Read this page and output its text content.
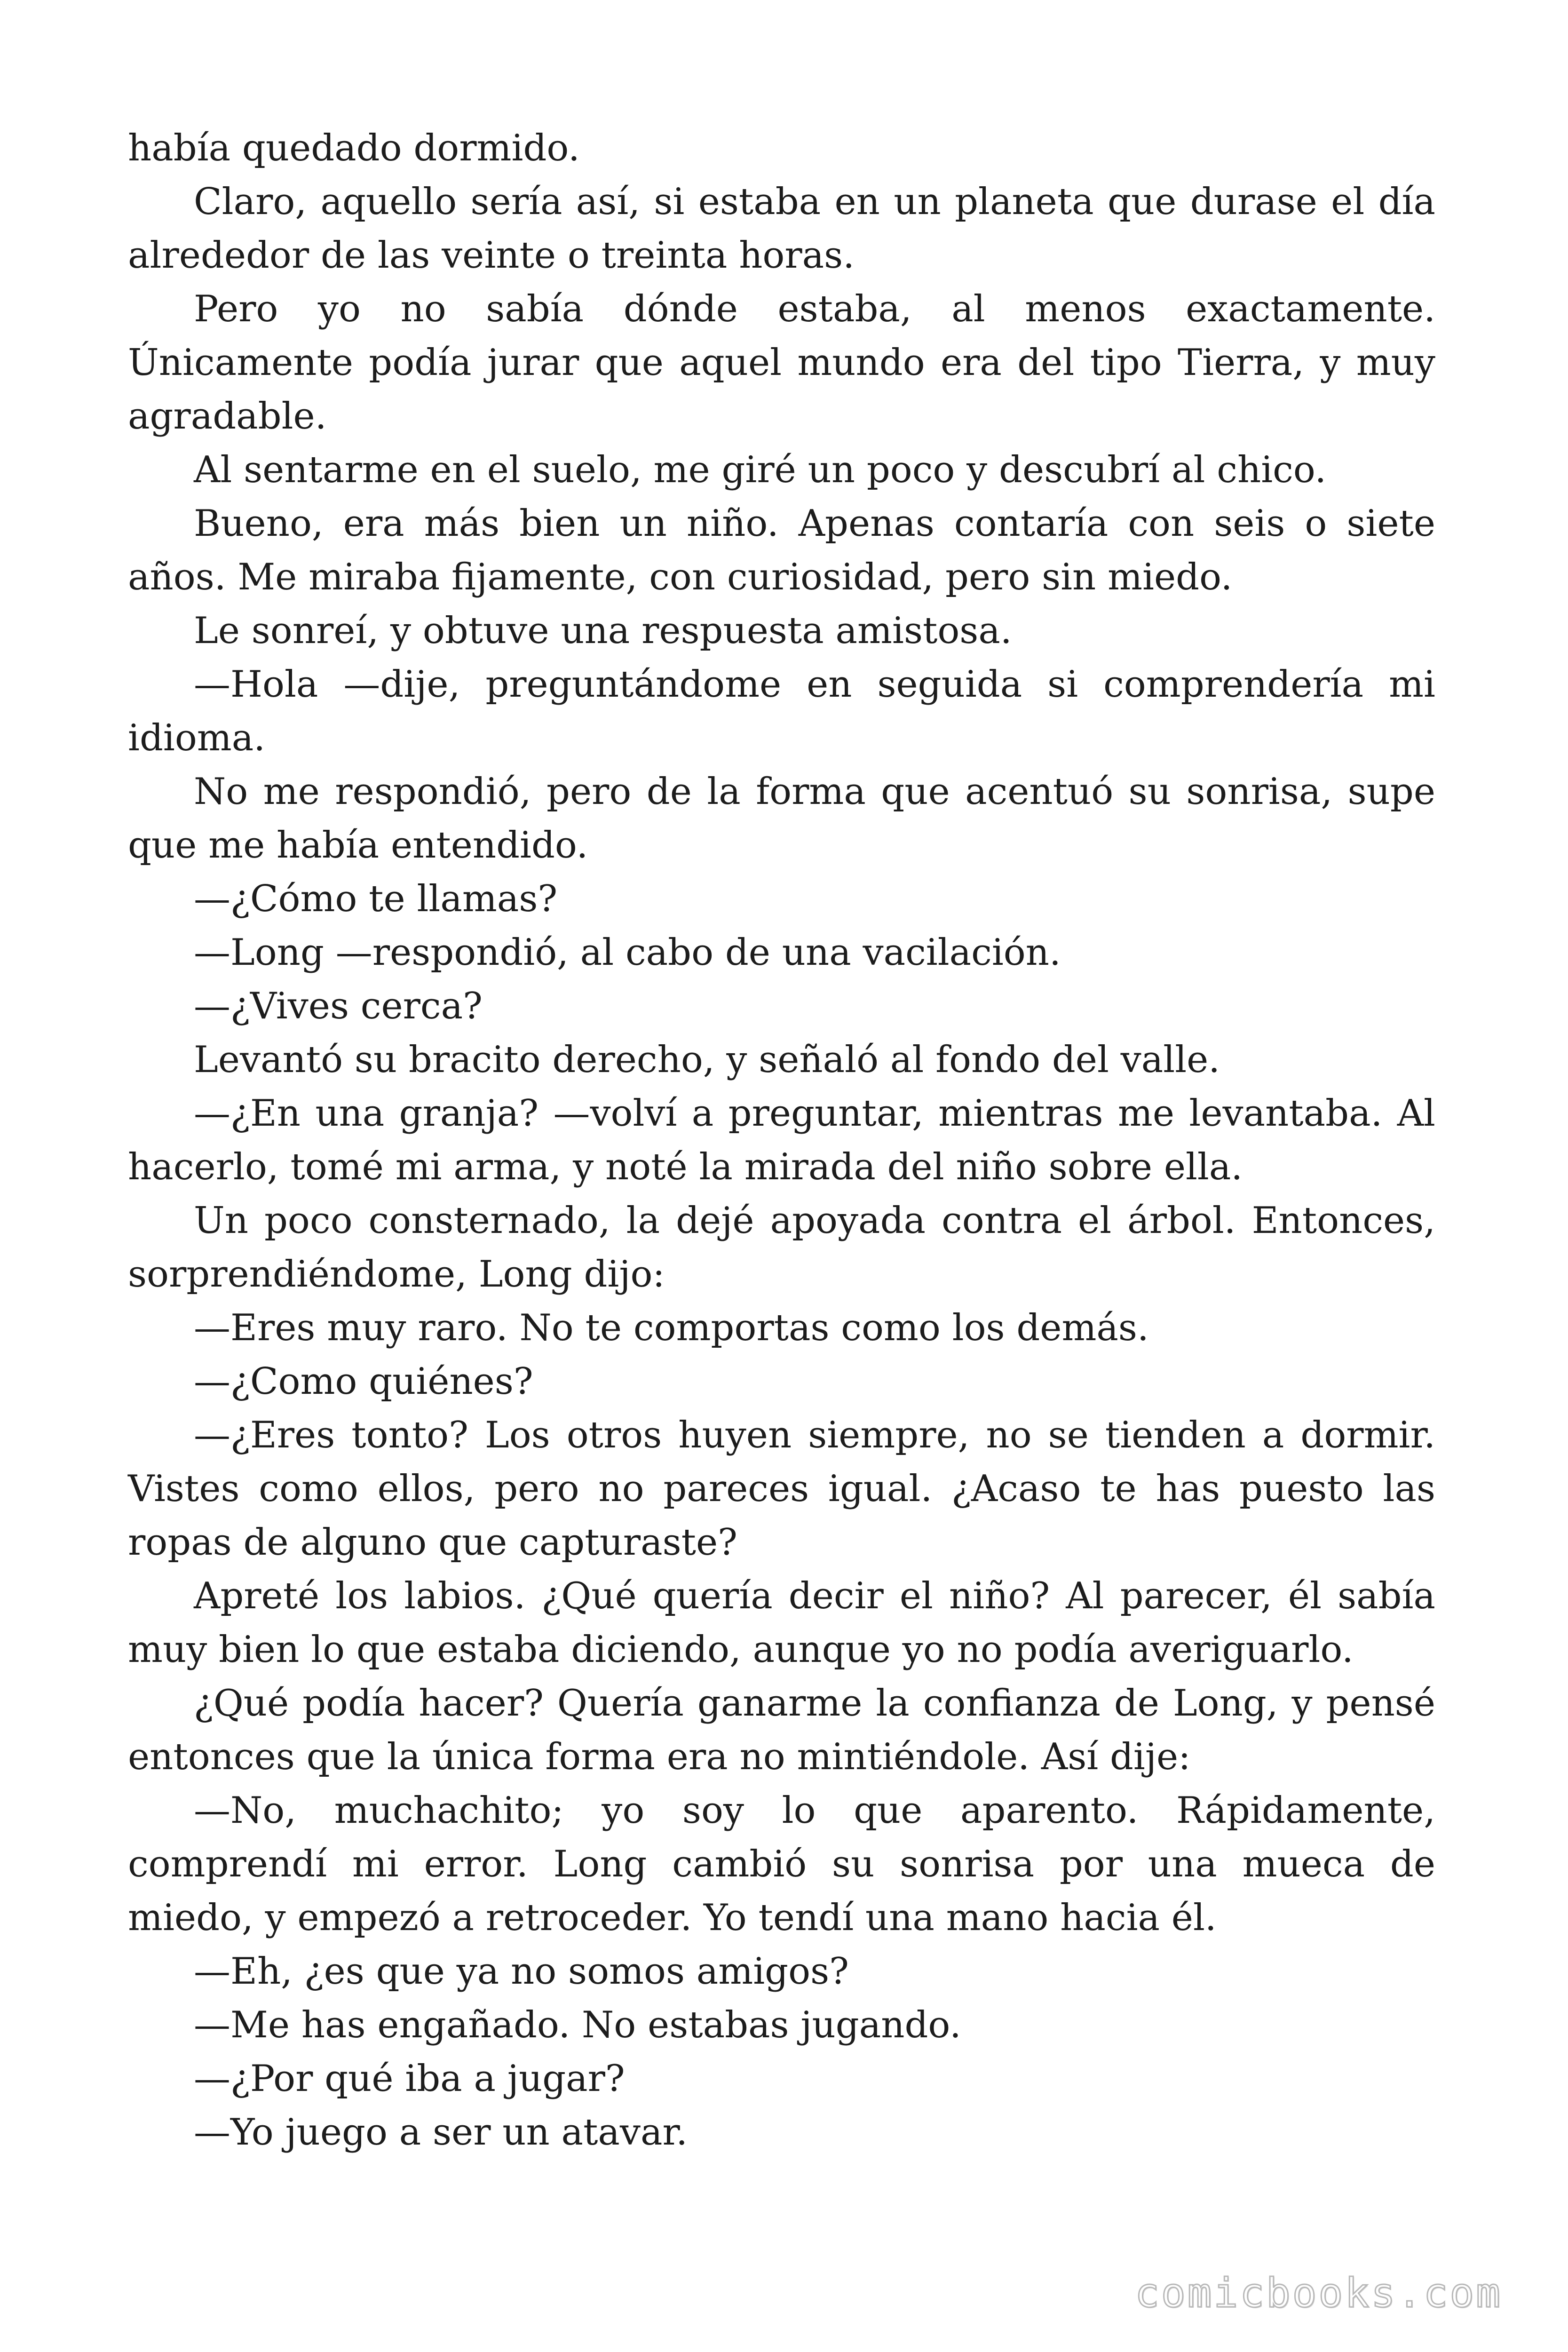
había quedado dormido.

Claro, aquello sería así, si estaba en un planeta que durase el día alrededor de las veinte o treinta horas.

Pero yo no sabía dónde estaba, al menos exactamente. Únicamente podía jurar que aquel mundo era del tipo Tierra, y muy agradable.

Al sentarme en el suelo, me giré un poco y descubrí al chico.

Bueno, era más bien un niño. Apenas contaría con seis o siete años. Me miraba fijamente, con curiosidad, pero sin miedo.

Le sonreí, y obtuve una respuesta amistosa.

—Hola —dije, preguntándome en seguida si comprendería mi idioma.

No me respondió, pero de la forma que acentuó su sonrisa, supe que me había entendido.

—¿Cómo te llamas?

—Long —respondió, al cabo de una vacilación.

—¿Vives cerca?

Levantó su bracito derecho, y señaló al fondo del valle.

—¿En una granja? —volví a preguntar, mientras me levantaba. Al hacerlo, tomé mi arma, y noté la mirada del niño sobre ella.

Un poco consternado, la dejé apoyada contra el árbol. Entonces, sorprendiéndome, Long dijo:

—Eres muy raro. No te comportas como los demás.

—¿Como quiénes?

—¿Eres tonto? Los otros huyen siempre, no se tienden a dormir. Vistes como ellos, pero no pareces igual. ¿Acaso te has puesto las ropas de alguno que capturaste?

Apreté los labios. ¿Qué quería decir el niño? Al parecer, él sabía muy bien lo que estaba diciendo, aunque yo no podía averiguarlo.

¿Qué podía hacer? Quería ganarme la confianza de Long, y pensé entonces que la única forma era no mintiéndole. Así dije:

—No, muchachito; yo soy lo que aparento. Rápidamente, comprendí mi error. Long cambió su sonrisa por una mueca de miedo, y empezó a retroceder. Yo tendí una mano hacia él.

—Eh, ¿es que ya no somos amigos?

—Me has engañado. No estabas jugando.

—¿Por qué iba a jugar?

—Yo juego a ser un atavar.

comicbooks.com
